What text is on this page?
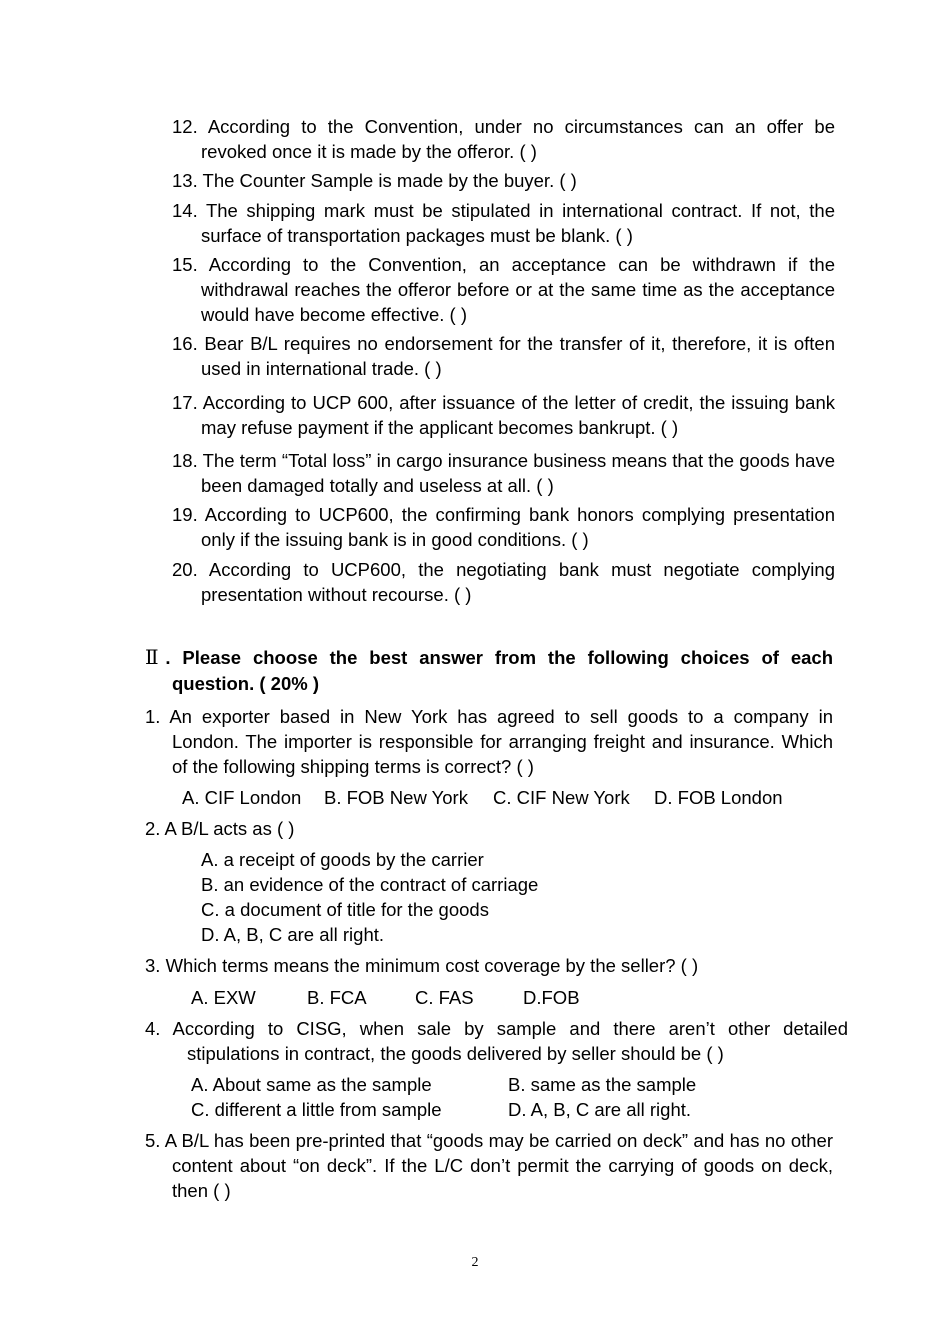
12. According to the Convention, under no circumstances can an offer be revoked once it is made by the offeror. ( )
13. The Counter Sample is made by the buyer. ( )
14. The shipping mark must be stipulated in international contract. If not, the surface of transportation packages must be blank. ( )
15. According to the Convention, an acceptance can be withdrawn if the withdrawal reaches the offeror before or at the same time as the acceptance would have become effective. ( )
16. Bear B/L requires no endorsement for the transfer of it, therefore, it is often used in international trade. ( )
17. According to UCP 600, after issuance of the letter of credit, the issuing bank may refuse payment if the applicant becomes bankrupt. ( )
18. The term “Total loss” in cargo insurance business means that the goods have been damaged totally and useless at all. ( )
19. According to UCP600, the confirming bank honors complying presentation only if the issuing bank is in good conditions. ( )
20. According to UCP600, the negotiating bank must negotiate complying presentation without recourse. ( )
Ⅱ. Please choose the best answer from the following choices of each question. ( 20% )
1. An exporter based in New York has agreed to sell goods to a company in London. The importer is responsible for arranging freight and insurance. Which of the following shipping terms is correct? ( )
A. CIF London B. FOB New York C. CIF New York D. FOB London
2. A B/L acts as ( )
A. a receipt of goods by the carrier
B. an evidence of the contract of carriage
C. a document of title for the goods
D. A, B, C are all right.
3. Which terms means the minimum cost coverage by the seller? ( )
A. EXW	B. FCA	C. FAS	D.FOB
4. According to CISG, when sale by sample and there aren’t other detailed stipulations in contract, the goods delivered by seller should be ( )
A. About same as the sample	B. same as the sample
C. different a little from sample	D. A, B, C are all right.
5. A B/L has been pre-printed that “goods may be carried on deck” and has no other content about “on deck”. If the L/C don’t permit the carrying of goods on deck, then ( )
2
